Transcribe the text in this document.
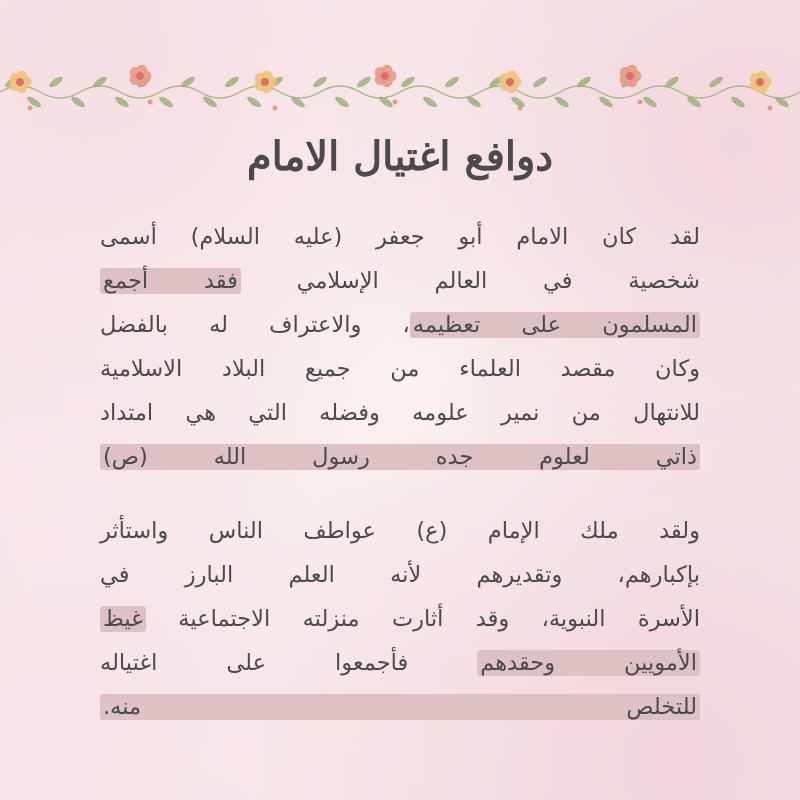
دوافع اغتيال الامام
لقد كان الامام أبو جعفر (عليه السلام) أسمى
شخصية في العالم الإسلامي فقد أجمع
المسلمون على تعظيمه، والاعتراف له بالفضل
وكان مقصد العلماء من جميع البلاد الاسلامية
للانتهال من نمير علومه وفضله التي هي امتداد
ذاتي لعلوم جده رسول الله (ص)
ولقد ملك الإمام (ع) عواطف الناس واستأثر
بإكبارهم، وتقديرهم لأنه العلم البارز في
الأسرة النبوية، وقد أثارت منزلته الاجتماعية غيظ
الأمويين وحقدهم فأجمعوا على اغتياله
للتخلص منه.
